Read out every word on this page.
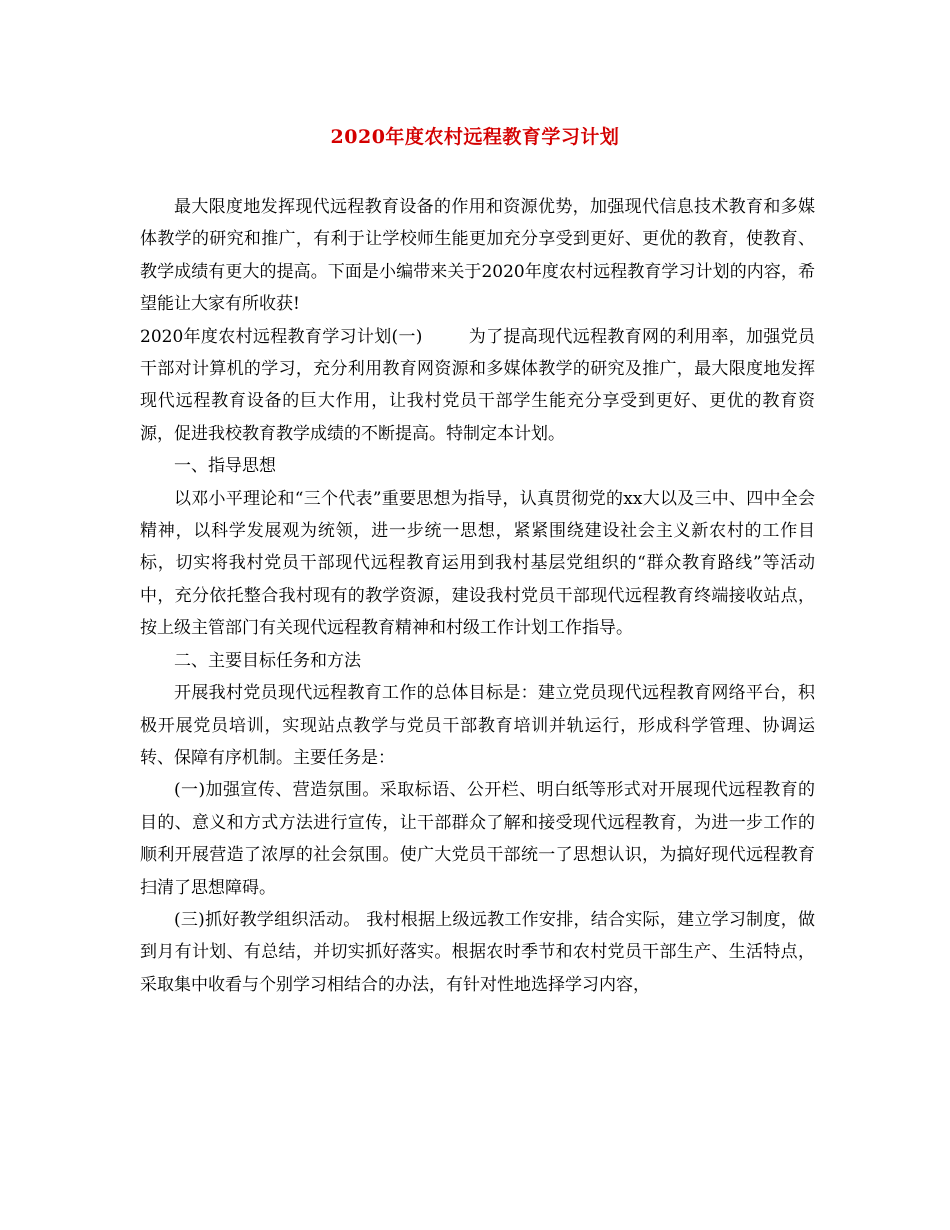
2020年度农村远程教育学习计划

最大限度地发挥现代远程教育设备的作用和资源优势，加强现代信息技术教育和多媒体教学的研究和推广，有利于让学校师生能更加充分享受到更好、更优的教育，使教育、教学成绩有更大的提高。下面是小编带来关于2020年度农村远程教育学习计划的内容，希望能让大家有所收获!

2020年度农村远程教育学习计划(一)	为了提高现代远程教育网的利用率，加强党员干部对计算机的学习，充分利用教育网资源和多媒体教学的研究及推广，最大限度地发挥现代远程教育设备的巨大作用，让我村党员干部学生能充分享受到更好、更优的教育资源，促进我校教育教学成绩的不断提高。特制定本计划。

一、指导思想

以邓小平理论和“三个代表”重要思想为指导，认真贯彻党的xx大以及三中、四中全会精神，以科学发展观为统领，进一步统一思想，紧紧围绕建设社会主义新农村的工作目标，切实将我村党员干部现代远程教育运用到我村基层党组织的“群众教育路线”等活动中，充分依托整合我村现有的教学资源，建设我村党员干部现代远程教育终端接收站点，按上级主管部门有关现代远程教育精神和村级工作计划工作指导。

二、主要目标任务和方法

开展我村党员现代远程教育工作的总体目标是：建立党员现代远程教育网络平台，积极开展党员培训，实现站点教学与党员干部教育培训并轨运行，形成科学管理、协调运转、保障有序机制。主要任务是：

(一)加强宣传、营造氛围。采取标语、公开栏、明白纸等形式对开展现代远程教育的目的、意义和方式方法进行宣传，让干部群众了解和接受现代远程教育，为进一步工作的顺利开展营造了浓厚的社会氛围。使广大党员干部统一了思想认识，为搞好现代远程教育扫清了思想障碍。

(三)抓好教学组织活动。 我村根据上级远教工作安排，结合实际，建立学习制度，做到月有计划、有总结，并切实抓好落实。根据农时季节和农村党员干部生产、生活特点，采取集中收看与个别学习相结合的办法，有针对性地选择学习内容，
